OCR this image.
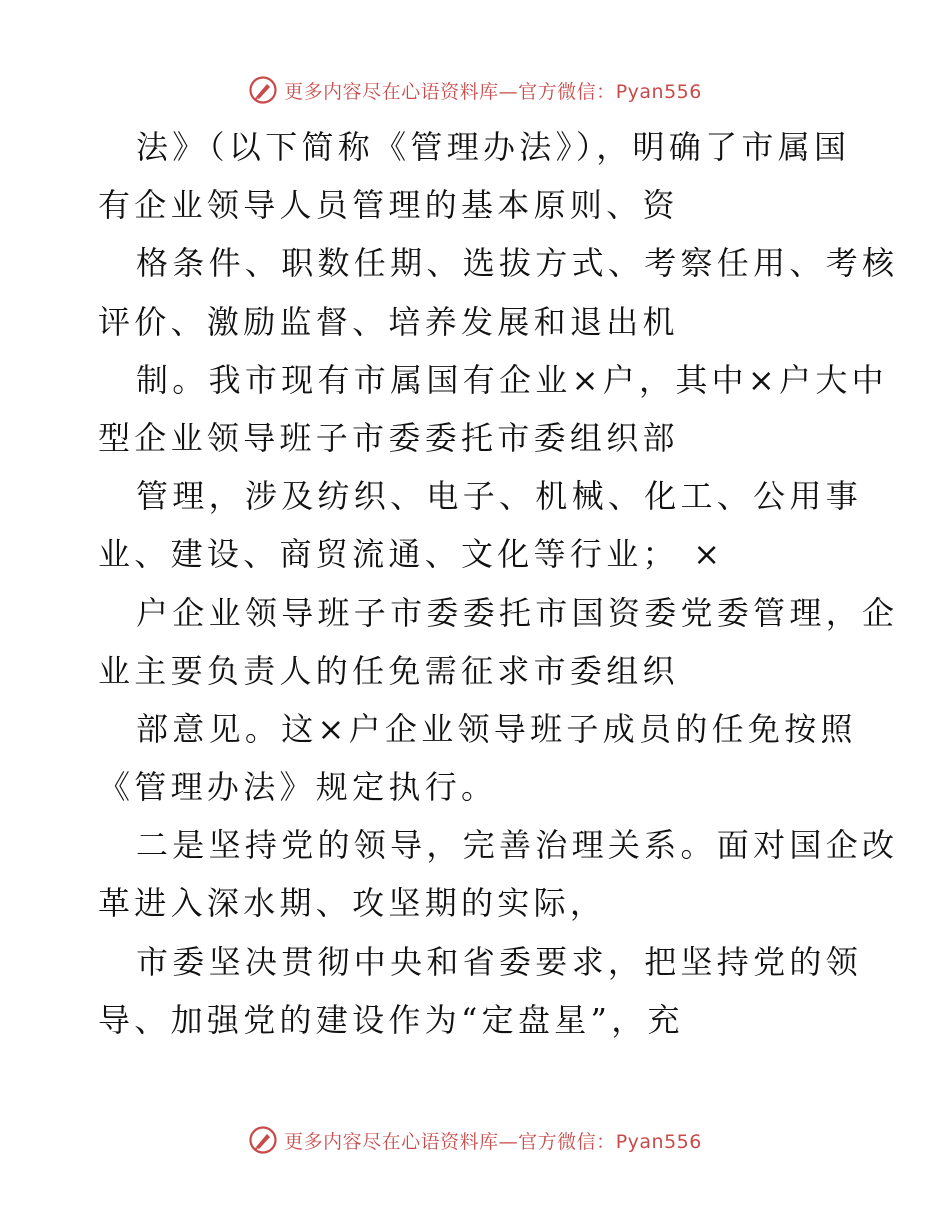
更多内容尽在心语资料库—官方微信：Pyan556
法》（以下简称《管理办法》），明确了市属国
有企业领导人员管理的基本原则、资
格条件、职数任期、选拔方式、考察任用、考核
评价、激励监督、培养发展和退出机
制。我市现有市属国有企业×户，其中×户大中
型企业领导班子市委委托市委组织部
管理，涉及纺织、电子、机械、化工、公用事
业、建设、商贸流通、文化等行业； ×
户企业领导班子市委委托市国资委党委管理，企
业主要负责人的任免需征求市委组织
部意见。这×户企业领导班子成员的任免按照
《管理办法》规定执行。
二是坚持党的领导，完善治理关系。面对国企改
革进入深水期、攻坚期的实际，
市委坚决贯彻中央和省委要求，把坚持党的领
导、加强党的建设作为“定盘星”，充
更多内容尽在心语资料库—官方微信：Pyan556
